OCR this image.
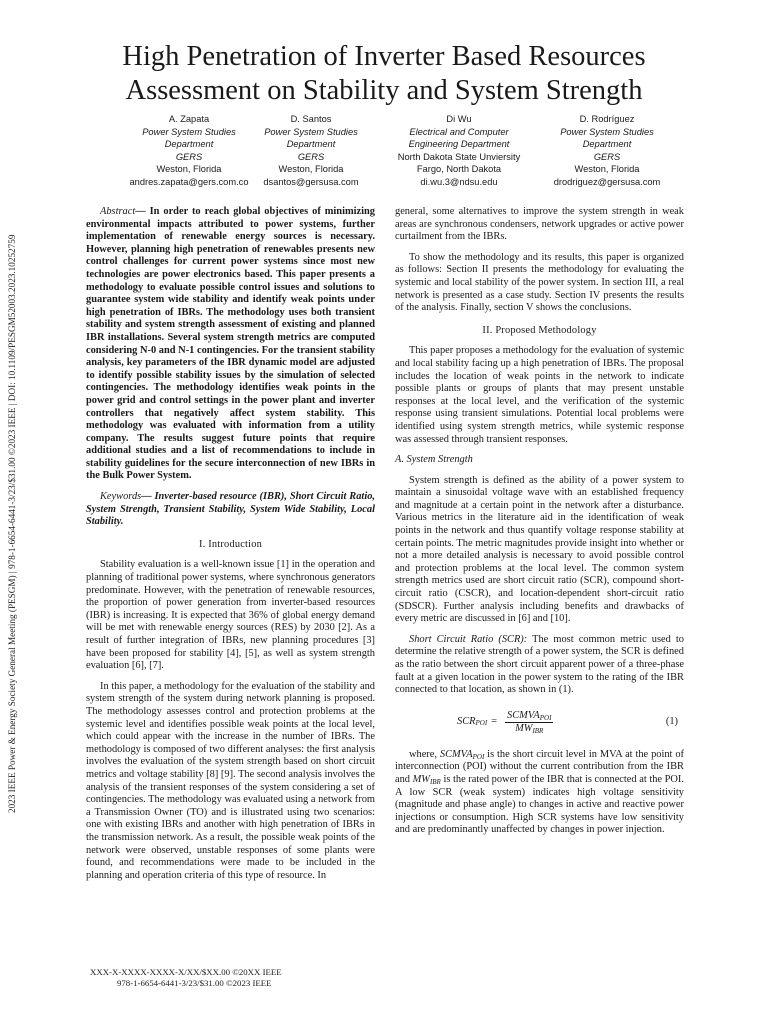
2023 IEEE Power & Energy Society General Meeting (PESGM) | 978-1-6654-6441-3/23/$31.00 ©2023 IEEE | DOI: 10.1109/PESGM52003.2023.10252759
High Penetration of Inverter Based Resources
Assessment on Stability and System Strength
A. Zapata
Power System Studies
Department
GERS
Weston, Florida
andres.zapata@gers.com.co
D. Santos
Power System Studies
Department
GERS
Weston, Florida
dsantos@gersusa.com
Di Wu
Electrical and Computer
Engineering Department
North Dakota State Unviersity
Fargo, North Dakota
di.wu.3@ndsu.edu
D. Rodríguez
Power System Studies
Department
GERS
Weston, Florida
drodriguez@gersusa.com

Abstract— In order to reach global objectives of minimizing environmental impacts attributed to power systems, further implementation of renewable energy sources is necessary. However, planning high penetration of renewables presents new control challenges for current power systems since most new technologies are power electronics based. This paper presents a methodology to evaluate possible control issues and solutions to guarantee system wide stability and identify weak points under high penetration of IBRs. The methodology uses both transient stability and system strength assessment of existing and planned IBR installations. Several system strength metrics are computed considering N-0 and N-1 contingencies. For the transient stability analysis, key parameters of the IBR dynamic model are adjusted to identify possible stability issues by the simulation of selected contingencies. The methodology identifies weak points in the power grid and control settings in the power plant and inverter controllers that negatively affect system stability. This methodology was evaluated with information from a utility company. The results suggest future points that require additional studies and a list of recommendations to include in stability guidelines for the secure interconnection of new IBRs in the Bulk Power System.

Keywords— Inverter-based resource (IBR), Short Circuit Ratio, System Strength, Transient Stability, System Wide Stability, Local Stability.

I. Introduction

Stability evaluation is a well-known issue [1] in the operation and planning of traditional power systems, where synchronous generators predominate. However, with the penetration of renewable resources, the proportion of power generation from inverter-based resources (IBR) is increasing. It is expected that 36% of global energy demand will be met with renewable energy sources (RES) by 2030 [2]. As a result of further integration of IBRs, new planning procedures [3] have been proposed for stability [4], [5], as well as system strength evaluation [6], [7].

In this paper, a methodology for the evaluation of the stability and system strength of the system during network planning is proposed. The methodology assesses control and protection problems at the systemic level and identifies possible weak points at the local level, which could appear with the increase in the number of IBRs. The methodology is composed of two different analyses: the first analysis involves the evaluation of the system strength based on short circuit metrics and voltage stability [8] [9]. The second analysis involves the analysis of the transient responses of the system considering a set of contingencies. The methodology was evaluated using a network from a Transmission Owner (TO) and is illustrated using two scenarios: one with existing IBRs and another with high penetration of IBRs in the transmission network. As a result, the possible weak points of the network were observed, unstable responses of some plants were found, and recommendations were made to be included in the planning and operation criteria of this type of resource. In

general, some alternatives to improve the system strength in weak areas are synchronous condensers, network upgrades or active power curtailment from the IBRs.

To show the methodology and its results, this paper is organized as follows: Section II presents the methodology for evaluating the systemic and local stability of the power system. In section III, a real network is presented as a case study. Section IV presents the results of the analysis. Finally, section V shows the conclusions.

II. Proposed Methodology

This paper proposes a methodology for the evaluation of systemic and local stability facing up a high penetration of IBRs. The proposal includes the location of weak points in the network to indicate possible plants or groups of plants that may present unstable responses at the local level, and the verification of the systemic response using transient simulations. Potential local problems were identified using system strength metrics, while systemic response was assessed through transient responses.

A. System Strength

System strength is defined as the ability of a power system to maintain a sinusoidal voltage wave with an established frequency and magnitude at a certain point in the network after a disturbance. Various metrics in the literature aid in the identification of weak points in the network and thus quantify voltage response stability at certain points. The metric magnitudes provide insight into whether or not a more detailed analysis is necessary to avoid possible control and protection problems at the local level. The common system strength metrics used are short circuit ratio (SCR), compound short-circuit ratio (CSCR), and location-dependent short-circuit ratio (SDSCR). Further analysis including benefits and drawbacks of every metric are discussed in [6] and [10].

Short Circuit Ratio (SCR): The most common metric used to determine the relative strength of a power system, the SCR is defined as the ratio between the short circuit apparent power of a three-phase fault at a given location in the power system to the rating of the IBR connected to that location, as shown in (1).

SCR POI = $\frac{SCMVA_{POI}}{MW_{IBR}}$	(1)

where, $SCMVA_{POI}$ is the short circuit level in MVA at the point of interconnection (POI) without the current contribution from the IBR and $MW_{IBR}$ is the rated power of the IBR that is connected at the POI. A low SCR (weak system) indicates high voltage sensitivity (magnitude and phase angle) to changes in active and reactive power injections or consumption. High SCR systems have low sensitivity and are predominantly unaffected by changes in power injection.

XXX-X-XXXX-XXXX-X/XX/$XX.00 ©20XX IEEE
978-1-6654-6441-3/23/$31.00 ©2023 IEEE
